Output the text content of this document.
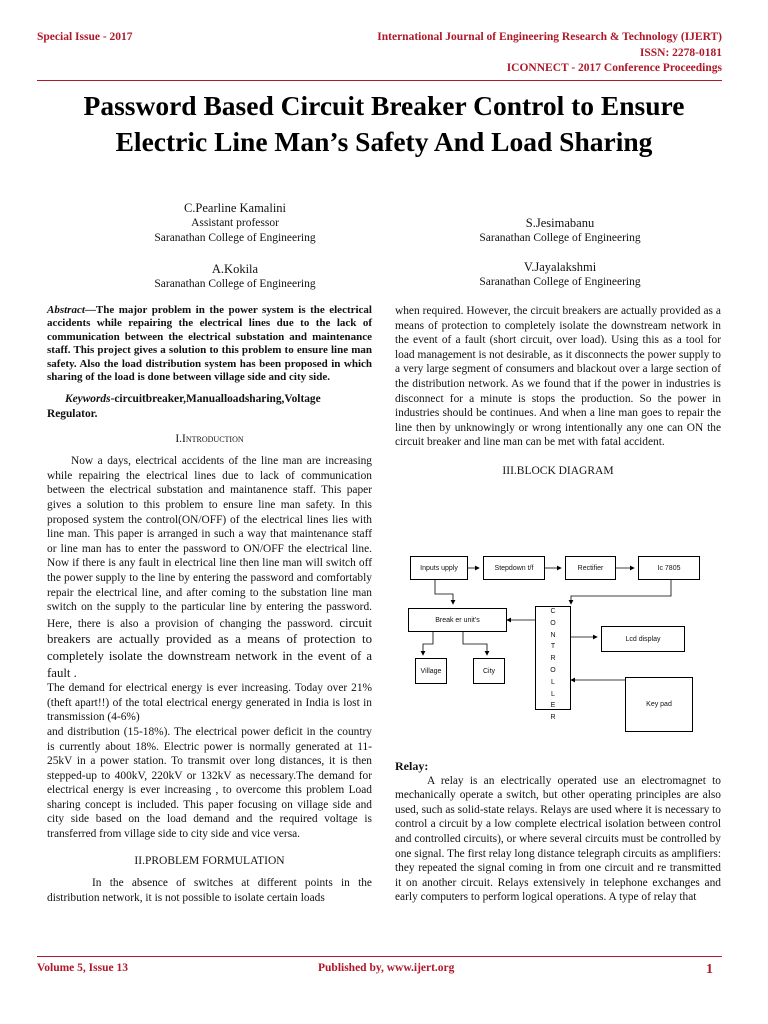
Special Issue - 2017	International Journal of Engineering Research & Technology (IJERT)
ISSN: 2278-0181
ICONNECT - 2017 Conference Proceedings
Password Based Circuit Breaker Control to Ensure Electric Line Man’s Safety And Load Sharing
C.Pearline Kamalini
Assistant professor
Saranathan College of Engineering
S.Jesimabanu
Saranathan College of Engineering
A.Kokila
Saranathan College of Engineering
V.Jayalakshmi
Saranathan College of Engineering

Abstract—The major problem in the power system is the electrical accidents while repairing the electrical lines due to the lack of communication between the electrical substation and maintenance staff. This project gives a solution to this problem to ensure line man safety. Also the load distribution system has been proposed in which sharing of the load is done between village side and city side.

Keywords-circuitbreaker,Manualloadsharing,Voltage Regulator.

I.Introduction

Now a days, electrical accidents of the line man are increasing while repairing the electrical lines due to lack of communication between the electrical substation and maintanence staff. This paper gives a solution to this problem to ensure line man safety. In this proposed system the control(ON/OFF) of the electrical lines lies with line man. This paper is arranged in such a way that maintenance staff or line man has to enter the password to ON/OFF the electrical line. Now if there is any fault in electrical line then line man will switch off the power supply to the line by entering the password and comfortably repair the electrical line, and after coming to the substation line man switch on the supply to the particular line by entering the password. Here, there is also a provision of changing the password. circuit breakers are actually provided as a means of protection to completely isolate the downstream network in the event of a fault .

The demand for electrical energy is ever increasing. Today over 21% (theft apart!!) of the total electrical energy generated in India is lost in transmission (4-6%)

and distribution (15-18%). The electrical power deficit in the country is currently about 18%. Electric power is normally generated at 11-25kV in a power station. To transmit over long distances, it is then stepped-up to 400kV, 220kV or 132kV as necessary.The demand for electrical energy is ever increasing , to overcome this problem Load sharing concept is included. This paper focusing on village side and city side based on the load demand and the required voltage is transferred from village side to city side and vice versa.

II.PROBLEM FORMULATION

In the absence of switches at different points in the distribution network, it is not possible to isolate certain loads

when required. However, the circuit breakers are actually provided as a means of protection to completely isolate the downstream network in the event of a fault (short circuit, over load). Using this as a tool for load management is not desirable, as it disconnects the power supply to a very large segment of consumers and blackout over a large section of the distribution network. As we found that if the power in industries is disconnect for a minute is stops the production. So the power in industries should be continues. And when a line man goes to repair the line then by unknowingly or wrong intentionally any one can ON the circuit breaker and line man can be met with fatal accident.

III.BLOCK DIAGRAM
Inputs upply	Stepdown t/f	Rectifier	Ic 7805
Break er unit’s
C
O
N
T
R
O
L
L
E
R
Lcd display
Village	City
Key pad

Relay:

A relay is an electrically operated use an electromagnet to mechanically operate a switch, but other operating principles are also used, such as solid-state relays. Relays are used where it is necessary to control a circuit by a low complete electrical isolation between control and controlled circuits), or where several circuits must be controlled by one signal. The first relay long distance telegraph circuits as amplifiers: they repeated the signal coming in from one circuit and re transmitted it on another circuit. Relays extensively in telephone exchanges and early computers to perform logical operations. A type of relay that

Volume 5, Issue 13	Published by, www.ijert.org	1
